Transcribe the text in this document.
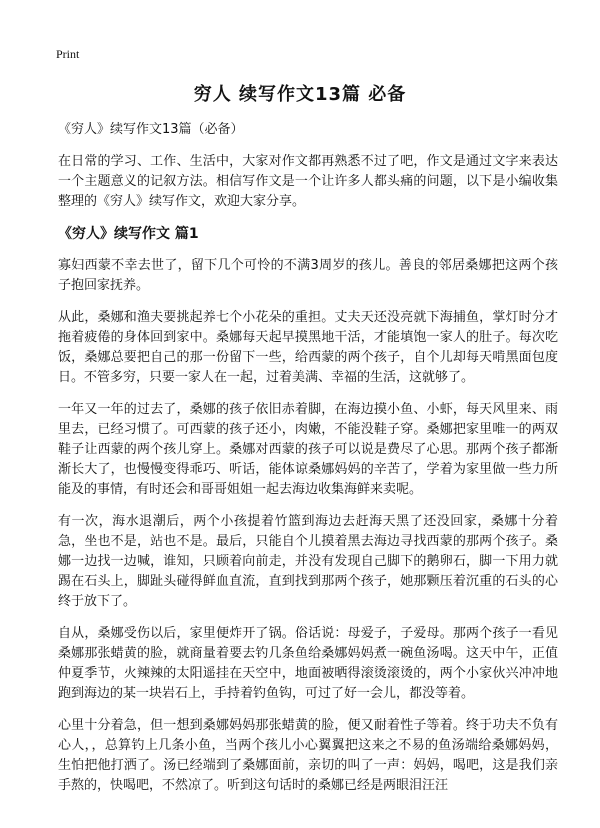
Print
穷人 续写作文13篇 必备
《穷人》续写作文13篇（必备）

在日常的学习、工作、生活中，大家对作文都再熟悉不过了吧，作文是通过文字来表达一个主题意义的记叙方法。相信写作文是一个让许多人都头痛的问题，以下是小编收集整理的《穷人》续写作文，欢迎大家分享。

《穷人》续写作文 篇1

寡妇西蒙不幸去世了，留下几个可怜的不满3周岁的孩儿。善良的邻居桑娜把这两个孩子抱回家抚养。

从此，桑娜和渔夫要挑起养七个小花朵的重担。丈夫天还没亮就下海捕鱼，掌灯时分才拖着疲倦的身体回到家中。桑娜每天起早摸黑地干活，才能填饱一家人的肚子。每次吃饭，桑娜总要把自己的那一份留下一些，给西蒙的两个孩子，自个儿却每天啃黑面包度日。不管多穷，只要一家人在一起，过着美满、幸福的生活，这就够了。

一年又一年的过去了，桑娜的孩子依旧赤着脚，在海边摸小鱼、小虾，每天风里来、雨里去，已经习惯了。可西蒙的孩子还小，肉嫩，不能没鞋子穿。桑娜把家里唯一的两双鞋子让西蒙的两个孩儿穿上。桑娜对西蒙的孩子可以说是费尽了心思。那两个孩子都渐渐长大了，也慢慢变得乖巧、听话，能体谅桑娜妈妈的辛苦了，学着为家里做一些力所能及的事情，有时还会和哥哥姐姐一起去海边收集海鲜来卖呢。

有一次，海水退潮后，两个小孩提着竹篮到海边去赶海天黑了还没回家，桑娜十分着急，坐也不是，站也不是。最后，只能自个儿摸着黑去海边寻找西蒙的那两个孩子。桑娜一边找一边喊，谁知，只顾着向前走，并没有发现自己脚下的鹅卵石，脚一下用力就踢在石头上，脚趾头碰得鲜血直流，直到找到那两个孩子，她那颗压着沉重的石头的心终于放下了。

自从，桑娜受伤以后，家里便炸开了锅。俗话说：母爱子，子爱母。那两个孩子一看见桑娜那张蜡黄的脸，就商量着要去钓几条鱼给桑娜妈妈煮一碗鱼汤喝。这天中午，正值仲夏季节，火辣辣的太阳遥挂在天空中，地面被晒得滚烫滚烫的，两个小家伙兴冲冲地跑到海边的某一块岩石上，手持着钓鱼钩，可过了好一会儿，都没等着。

心里十分着急，但一想到桑娜妈妈那张蜡黄的脸，便又耐着性子等着。终于功夫不负有心人，，总算钓上几条小鱼，当两个孩儿小心翼翼把这来之不易的鱼汤端给桑娜妈妈，生怕把他打洒了。汤已经端到了桑娜面前，亲切的叫了一声：妈妈，喝吧，这是我们亲手熬的，快喝吧，不然凉了。听到这句话时的桑娜已经是两眼泪汪汪
